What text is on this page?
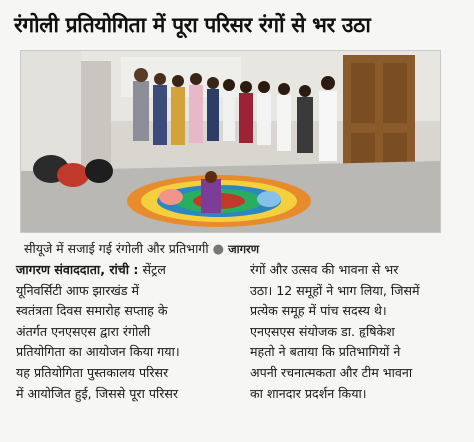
रंगोली प्रतियोगिता में पूरा परिसर रंगों से भर उठा
सीयूजे में सजाई गई रंगोली और प्रतिभागी ● जागरण
जागरण संवाददाता, रांची : सेंट्रल
यूनिवर्सिटी आफ झारखंड में
स्वतंत्रता दिवस समारोह सप्ताह के
अंतर्गत एनएसएस द्वारा रंगोली
प्रतियोगिता का आयोजन किया गया।
यह प्रतियोगिता पुस्तकालय परिसर
में आयोजित हुई, जिससे पूरा परिसर
रंगों और उत्सव की भावना से भर
उठा। 12 समूहों ने भाग लिया, जिसमें
प्रत्येक समूह में पांच सदस्य थे।
एनएसएस संयोजक डा. हृषिकेश
महतो ने बताया कि प्रतिभागियों ने
अपनी रचनात्मकता और टीम भावना
का शानदार प्रदर्शन किया।
